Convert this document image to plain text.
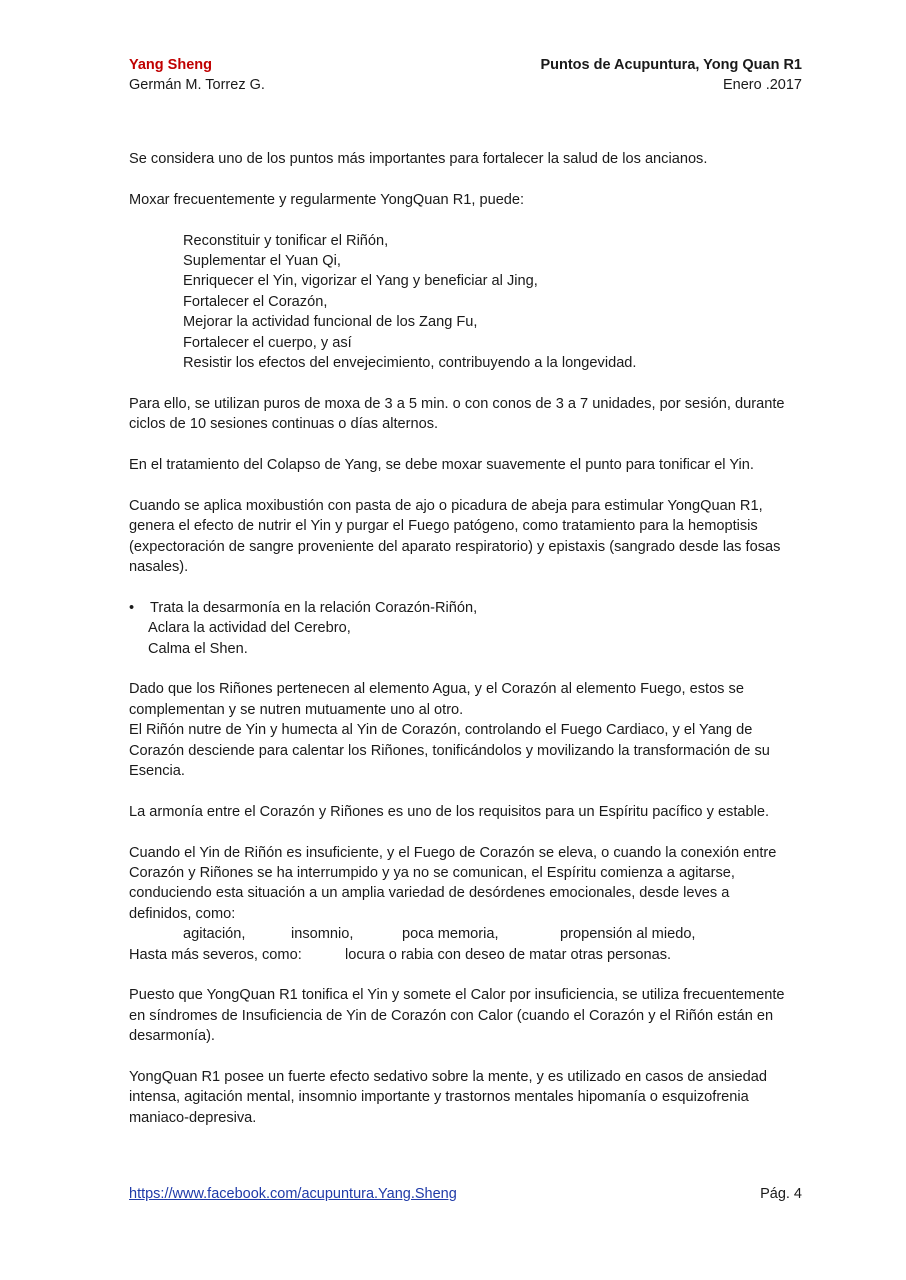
Yang Sheng
Germán M. Torrez G.
Puntos de Acupuntura, Yong Quan R1
Enero .2017

Se considera uno de los puntos más importantes para fortalecer la salud de los ancianos.

Moxar frecuentemente y regularmente YongQuan R1, puede:

Reconstituir y tonificar el Riñón,
Suplementar el Yuan Qi,
Enriquecer el Yin, vigorizar el Yang y beneficiar al Jing,
Fortalecer el Corazón,
Mejorar la actividad funcional de los Zang Fu,
Fortalecer el cuerpo, y así
Resistir los efectos del envejecimiento, contribuyendo a la longevidad.

Para ello, se utilizan puros de moxa de 3 a 5 min. o con conos de 3 a 7 unidades, por sesión, durante ciclos de 10 sesiones continuas o días alternos.

En el tratamiento del Colapso de Yang, se debe moxar suavemente el punto para tonificar el Yin.

Cuando se aplica moxibustión con pasta de ajo o picadura de abeja para estimular YongQuan R1, genera el efecto de nutrir el Yin y purgar el Fuego patógeno, como tratamiento para la hemoptisis (expectoración de sangre proveniente del aparato respiratorio) y epistaxis (sangrado desde las fosas nasales).

• Trata la desarmonía en la relación Corazón-Riñón,
Aclara la actividad del Cerebro,
Calma el Shen.

Dado que los Riñones pertenecen al elemento Agua, y el Corazón al elemento Fuego, estos se complementan y se nutren mutuamente uno al otro.

El Riñón nutre de Yin y humecta al Yin de Corazón, controlando el Fuego Cardiaco, y el Yang de Corazón desciende para calentar los Riñones, tonificándolos y movilizando la transformación de su Esencia.

La armonía entre el Corazón y Riñones es uno de los requisitos para un Espíritu pacífico y estable.

Cuando el Yin de Riñón es insuficiente, y el Fuego de Corazón se eleva, o cuando la conexión entre Corazón y Riñones se ha interrumpido y ya no se comunican, el Espíritu comienza a agitarse, conduciendo esta situación a un amplia variedad de desórdenes emocionales, desde leves a definidos, como:

agitación,	insomnio,	poca memoria,	propensión al miedo,
Hasta más severos, como:	locura o rabia con deseo de matar otras personas.

Puesto que YongQuan R1 tonifica el Yin y somete el Calor por insuficiencia, se utiliza frecuentemente en síndromes de Insuficiencia de Yin de Corazón con Calor (cuando el Corazón y el Riñón están en desarmonía).

YongQuan R1 posee un fuerte efecto sedativo sobre la mente, y es utilizado en casos de ansiedad intensa, agitación mental, insomnio importante y trastornos mentales hipomanía o esquizofrenia maniaco-depresiva.

https://www.facebook.com/acupuntura.Yang.Sheng	Pág. 4
